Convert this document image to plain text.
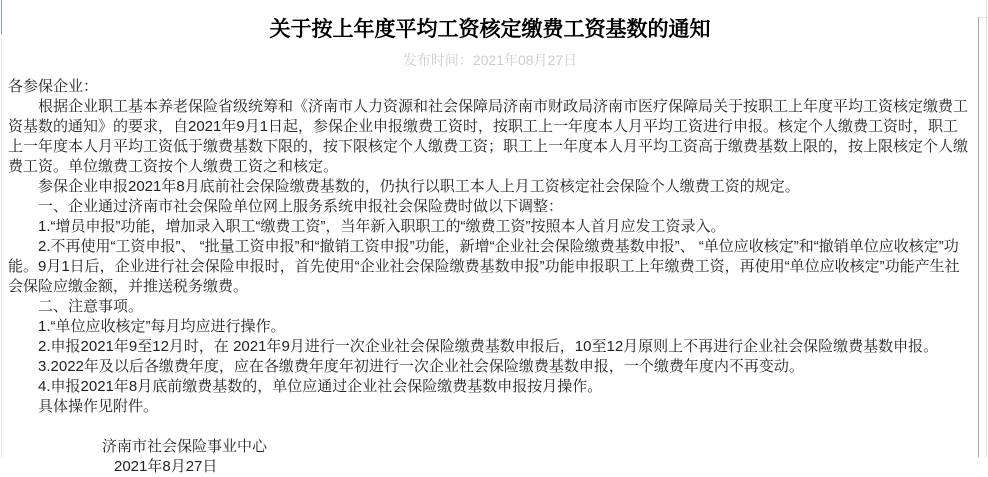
关于按上年度平均工资核定缴费工资基数的通知
发布时间：2021年08月27日

各参保企业：

根据企业职工基本养老保险省级统筹和《济南市人力资源和社会保障局济南市财政局济南市医疗保障局关于按职工上年度平均工资核定缴费工资基数的通知》的要求，自2021年9月1日起，参保企业申报缴费工资时，按职工上一年度本人月平均工资进行申报。核定个人缴费工资时，职工上一年度本人月平均工资低于缴费基数下限的，按下限核定个人缴费工资；职工上一年度本人月平均工资高于缴费基数上限的，按上限核定个人缴费工资。单位缴费工资按个人缴费工资之和核定。

参保企业申报2021年8月底前社会保险缴费基数的，仍执行以职工本人上月工资核定社会保险个人缴费工资的规定。

一、企业通过济南市社会保险单位网上服务系统申报社会保险费时做以下调整：

1.“增员申报”功能，增加录入职工“缴费工资”，当年新入职职工的“缴费工资”按照本人首月应发工资录入。

2.不再使用“工资申报”、 “批量工资申报”和“撤销工资申报”功能，新增“企业社会保险缴费基数申报”、 “单位应收核定”和“撤销单位应收核定”功能。9月1日后，企业进行社会保险申报时，首先使用“企业社会保险缴费基数申报”功能申报职工上年缴费工资，再使用“单位应收核定”功能产生社会保险应缴金额，并推送税务缴费。

二、注意事项。

1.“单位应收核定”每月均应进行操作。

2.申报2021年9至12月时，在 2021年9月进行一次企业社会保险缴费基数申报后，10至12月原则上不再进行企业社会保险缴费基数申报。

3.2022年及以后各缴费年度，应在各缴费年度年初进行一次企业社会保险缴费基数申报，一个缴费年度内不再变动。

4.申报2021年8月底前缴费基数的，单位应通过企业社会保险缴费基数申报按月操作。

具体操作见附件。

济南市社会保险事业中心

2021年8月27日
